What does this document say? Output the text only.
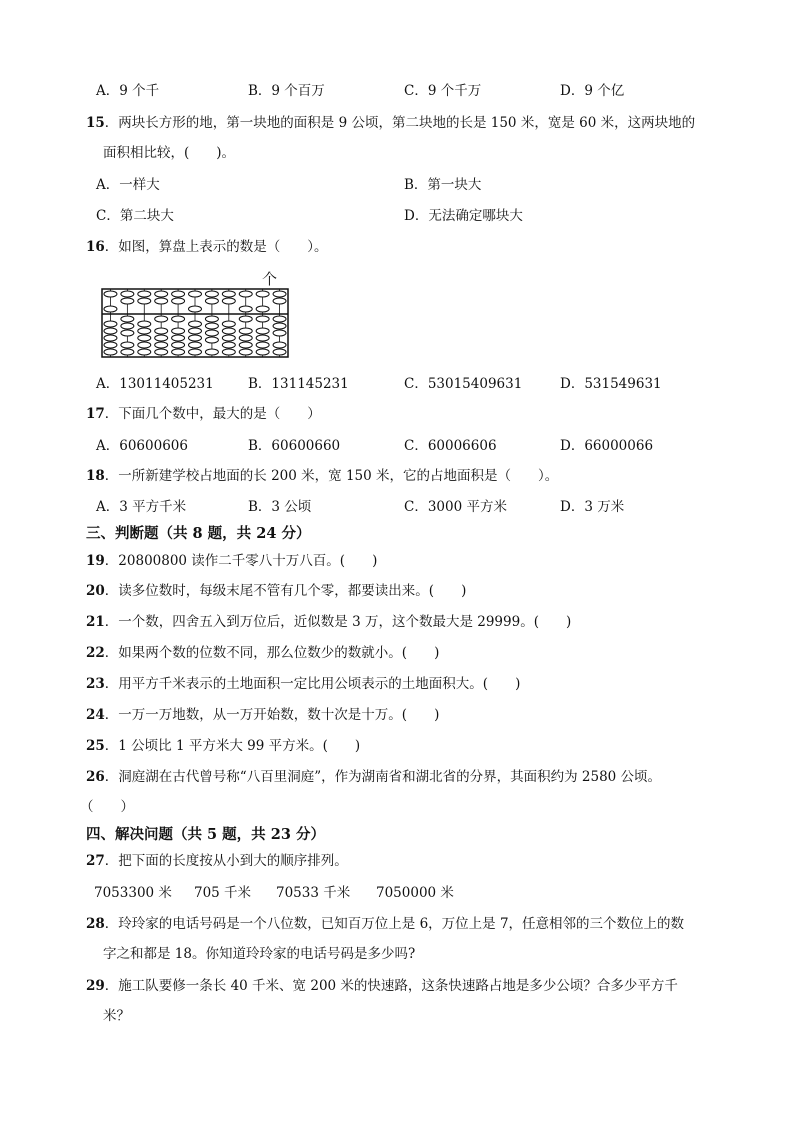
A．9 个千	B．9 个百万	C．9 个千万	D．9 个亿
15．两块长方形的地，第一块地的面积是 9 公顷，第二块地的长是 150 米，宽是 60 米，这两块地的
面积相比较，(　　)。
A．一样大	B．第一块大
C．第二块大	D．无法确定哪块大
16．如图，算盘上表示的数是（　　）。
个
A．13011405231	B．131145231	C．53015409631	D．531549631
17．下面几个数中，最大的是（　　）
A．60600606	B．60600660	C．60006606	D．66000066
18．一所新建学校占地面的长 200 米，宽 150 米，它的占地面积是（　　）。
A．3 平方千米	B．3 公顷	C．3000 平方米	D．3 万米
三、判断题（共 8 题，共 24 分）
19．20800800 读作二千零八十万八百。(　　)
20．读多位数时，每级末尾不管有几个零，都要读出来。(　　)
21．一个数，四舍五入到万位后，近似数是 3 万，这个数最大是 29999。(　　)
22．如果两个数的位数不同，那么位数少的数就小。(　　)
23．用平方千米表示的土地面积一定比用公顷表示的土地面积大。(　　)
24．一万一万地数，从一万开始数，数十次是十万。(　　)
25．1 公顷比 1 平方米大 99 平方米。(　　)
26．洞庭湖在古代曾号称“八百里洞庭”，作为湖南省和湖北省的分界，其面积约为 2580 公顷。
（　　）
四、解决问题（共 5 题，共 23 分）
27．把下面的长度按从小到大的顺序排列。
7053300 米 705 千米 70533 千米 7050000 米
28．玲玲家的电话号码是一个八位数，已知百万位上是 6，万位上是 7，任意相邻的三个数位上的数
字之和都是 18。你知道玲玲家的电话号码是多少吗?
29．施工队要修一条长 40 千米、宽 200 米的快速路，这条快速路占地是多少公顷？合多少平方千
米？
